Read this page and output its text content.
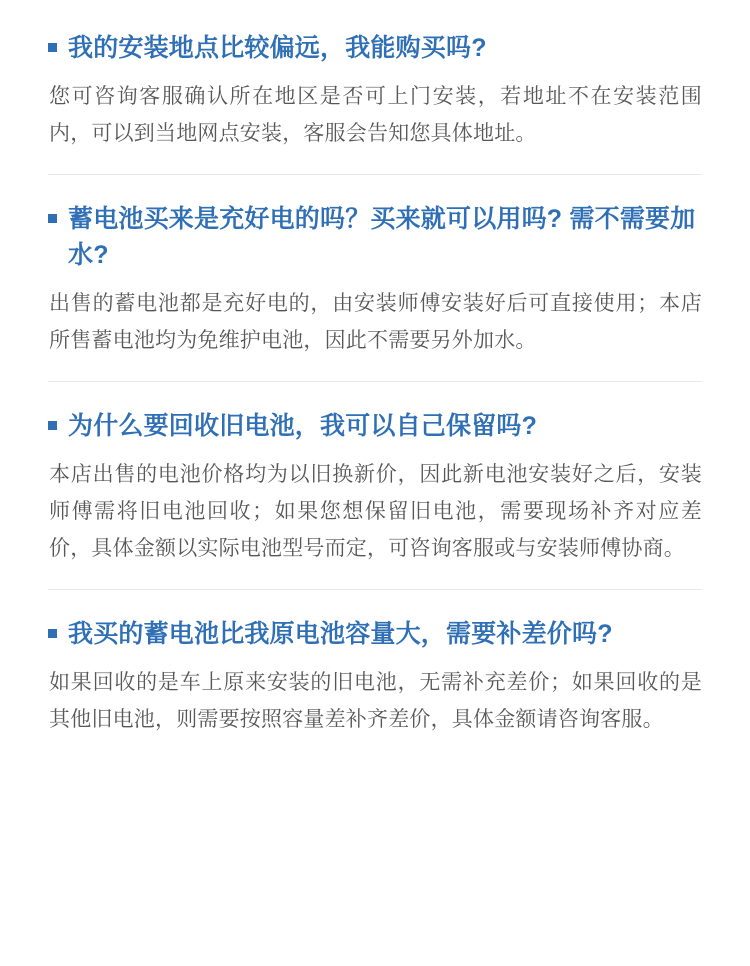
我的安装地点比较偏远，我能购买吗?
您可咨询客服确认所在地区是否可上门安装，若地址不在安装范围内，可以到当地网点安装，客服会告知您具体地址。
蓄电池买来是充好电的吗？买来就可以用吗? 需不需要加水?
出售的蓄电池都是充好电的，由安装师傅安装好后可直接使用；本店所售蓄电池均为免维护电池，因此不需要另外加水。
为什么要回收旧电池，我可以自己保留吗?
本店出售的电池价格均为以旧换新价，因此新电池安装好之后，安装师傅需将旧电池回收；如果您想保留旧电池，需要现场补齐对应差价，具体金额以实际电池型号而定，可咨询客服或与安装师傅协商。
我买的蓄电池比我原电池容量大，需要补差价吗?
如果回收的是车上原来安装的旧电池，无需补充差价；如果回收的是其他旧电池，则需要按照容量差补齐差价，具体金额请咨询客服。
